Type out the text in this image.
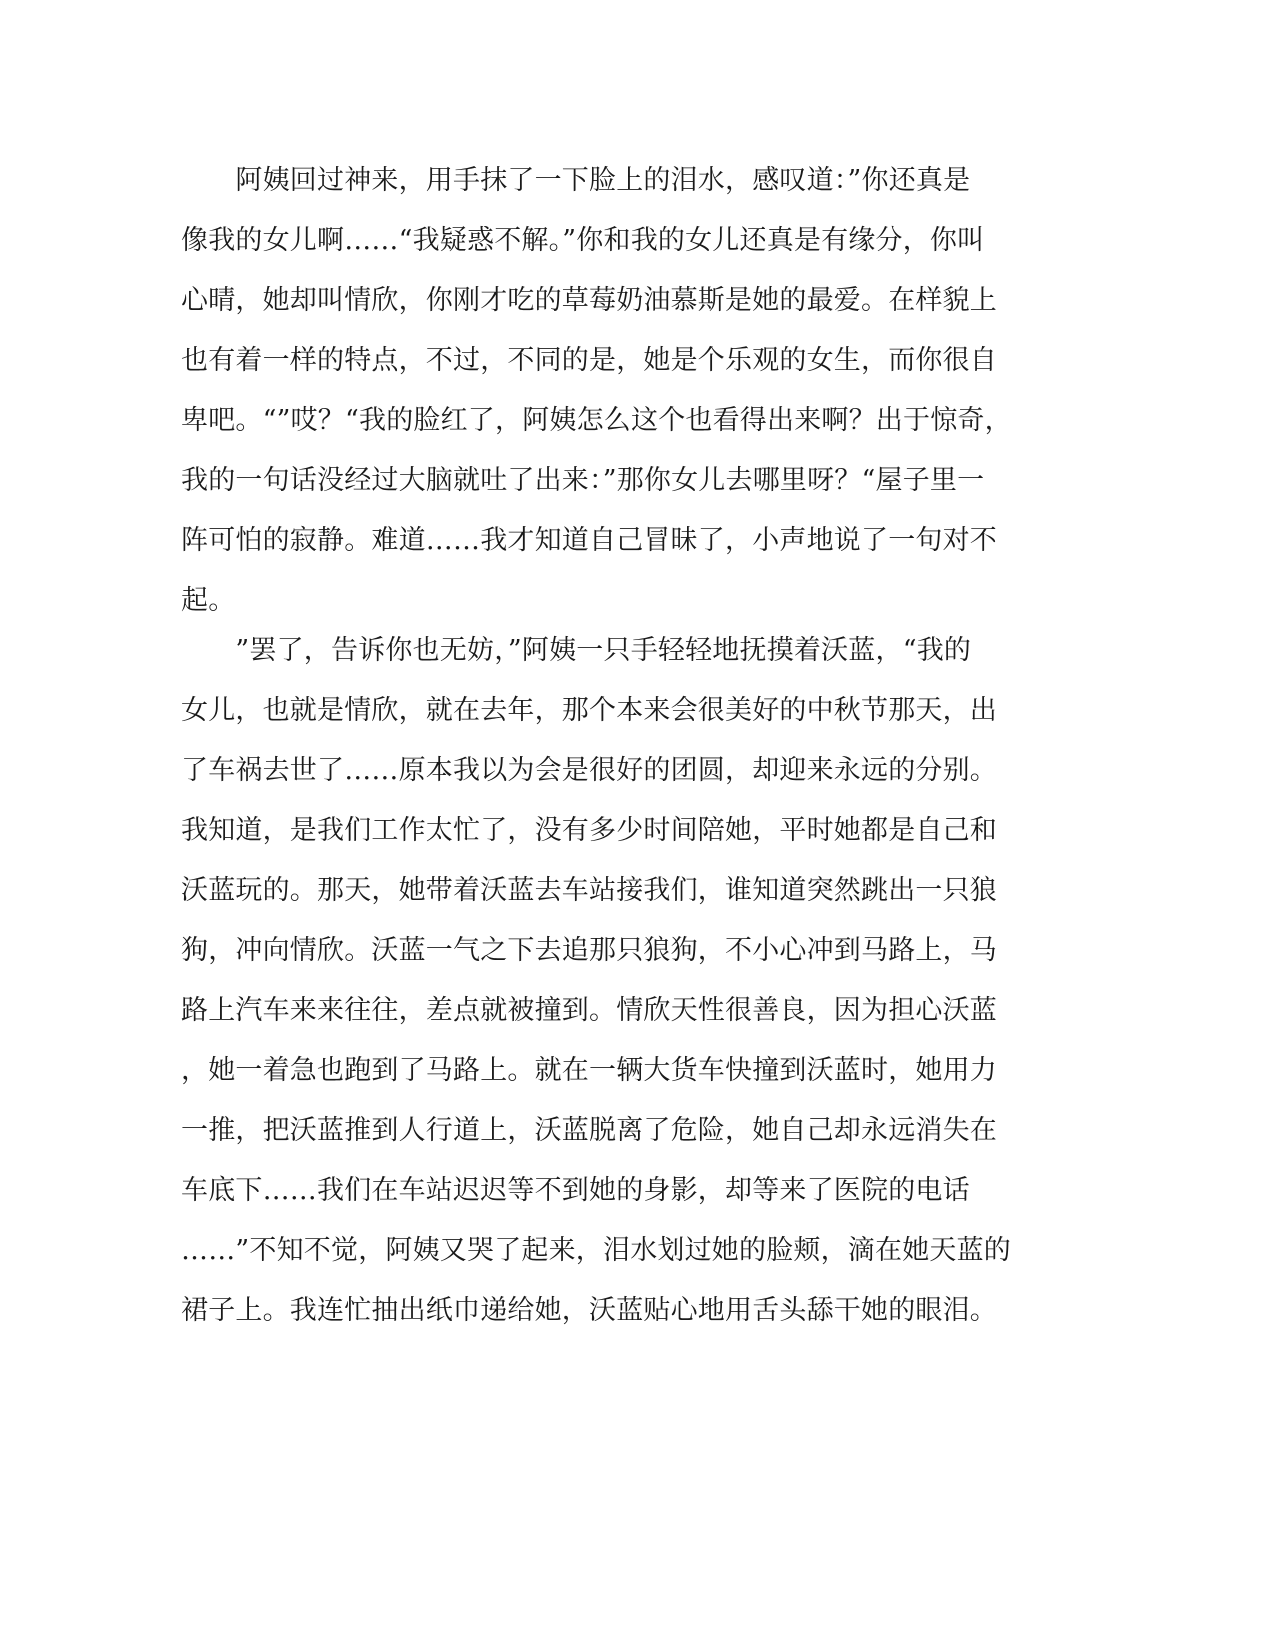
　　阿姨回过神来，用手抹了一下脸上的泪水，感叹道：”你还真是
像我的女儿啊……“我疑惑不解。”你和我的女儿还真是有缘分，你叫
心晴，她却叫情欣，你刚才吃的草莓奶油慕斯是她的最爱。在样貌上
也有着一样的特点，不过，不同的是，她是个乐观的女生，而你很自
卑吧。“”哎？“我的脸红了，阿姨怎么这个也看得出来啊？出于惊奇，
我的一句话没经过大脑就吐了出来：”那你女儿去哪里呀？“屋子里一
阵可怕的寂静。难道……我才知道自己冒昧了，小声地说了一句对不
起。
　　”罢了，告诉你也无妨，”阿姨一只手轻轻地抚摸着沃蓝，“我的
女儿，也就是情欣，就在去年，那个本来会很美好的中秋节那天，出
了车祸去世了……原本我以为会是很好的团圆，却迎来永远的分别。
我知道，是我们工作太忙了，没有多少时间陪她，平时她都是自己和
沃蓝玩的。那天，她带着沃蓝去车站接我们，谁知道突然跳出一只狼
狗，冲向情欣。沃蓝一气之下去追那只狼狗，不小心冲到马路上，马
路上汽车来来往往，差点就被撞到。情欣天性很善良，因为担心沃蓝
，她一着急也跑到了马路上。就在一辆大货车快撞到沃蓝时，她用力
一推，把沃蓝推到人行道上，沃蓝脱离了危险，她自己却永远消失在
车底下……我们在车站迟迟等不到她的身影，却等来了医院的电话
……”不知不觉，阿姨又哭了起来，泪水划过她的脸颊，滴在她天蓝的
裙子上。我连忙抽出纸巾递给她，沃蓝贴心地用舌头舔干她的眼泪。
